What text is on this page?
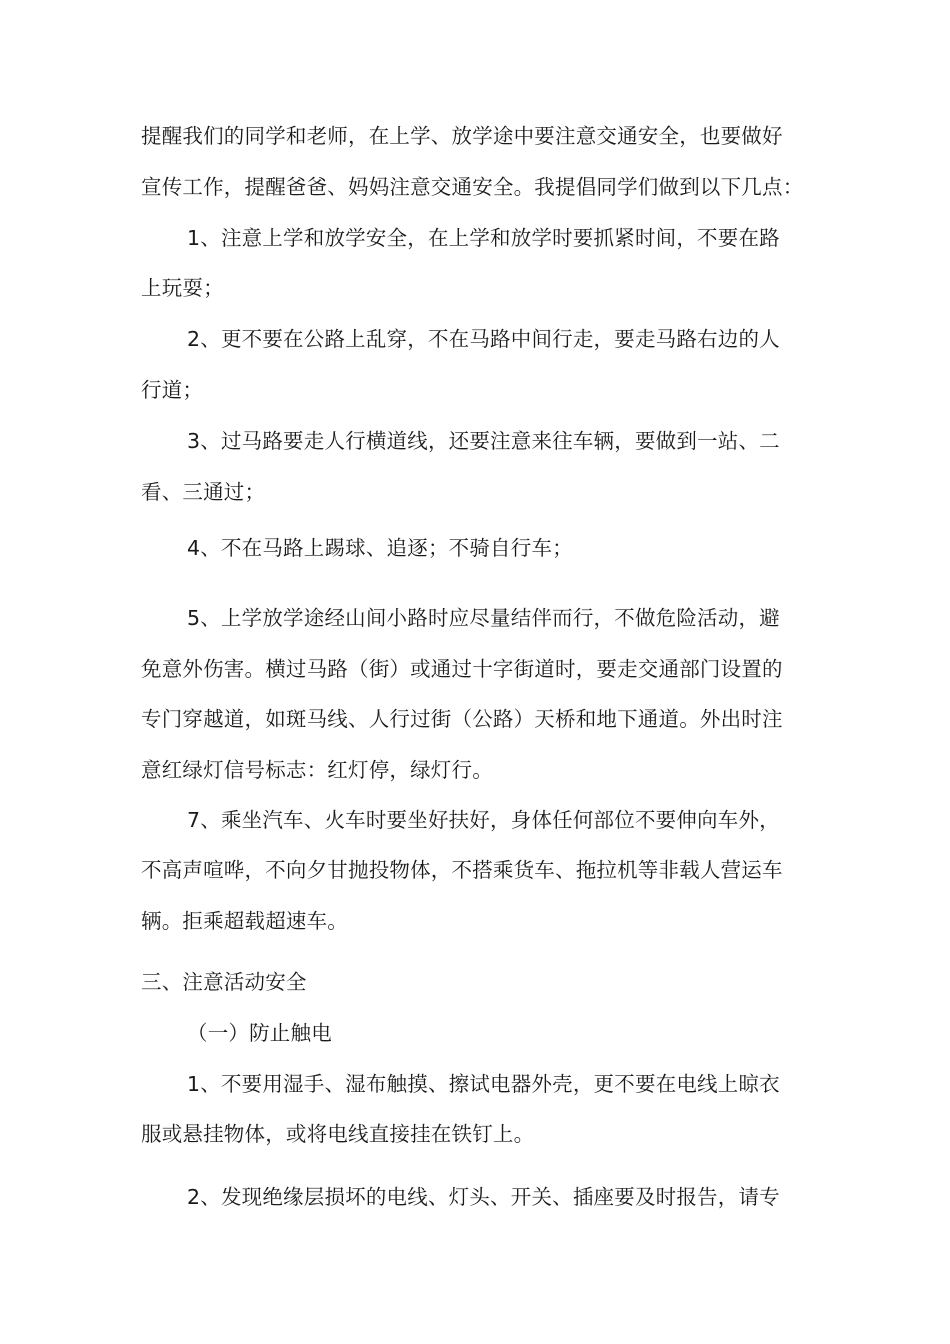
提醒我们的同学和老师，在上学、放学途中要注意交通安全，也要做好
宣传工作，提醒爸爸、妈妈注意交通安全。我提倡同学们做到以下几点：
1、注意上学和放学安全，在上学和放学时要抓紧时间，不要在路
上玩耍；
2、更不要在公路上乱穿，不在马路中间行走，要走马路右边的人
行道；
3、过马路要走人行横道线，还要注意来往车辆，要做到一站、二
看、三通过；
4、不在马路上踢球、追逐；不骑自行车；
5、上学放学途经山间小路时应尽量结伴而行，不做危险活动，避
免意外伤害。横过马路（街）或通过十字街道时，要走交通部门设置的
专门穿越道，如斑马线、人行过街（公路）天桥和地下通道。外出时注
意红绿灯信号标志：红灯停，绿灯行。
7、乘坐汽车、火车时要坐好扶好，身体任何部位不要伸向车外，
不高声喧哗，不向夕甘抛投物体，不搭乘货车、拖拉机等非载人营运车
辆。拒乘超载超速车。
三、注意活动安全
（一）防止触电
1、不要用湿手、湿布触摸、擦试电器外壳，更不要在电线上晾衣
服或悬挂物体，或将电线直接挂在铁钉上。
2、发现绝缘层损坏的电线、灯头、开关、插座要及时报告，请专
